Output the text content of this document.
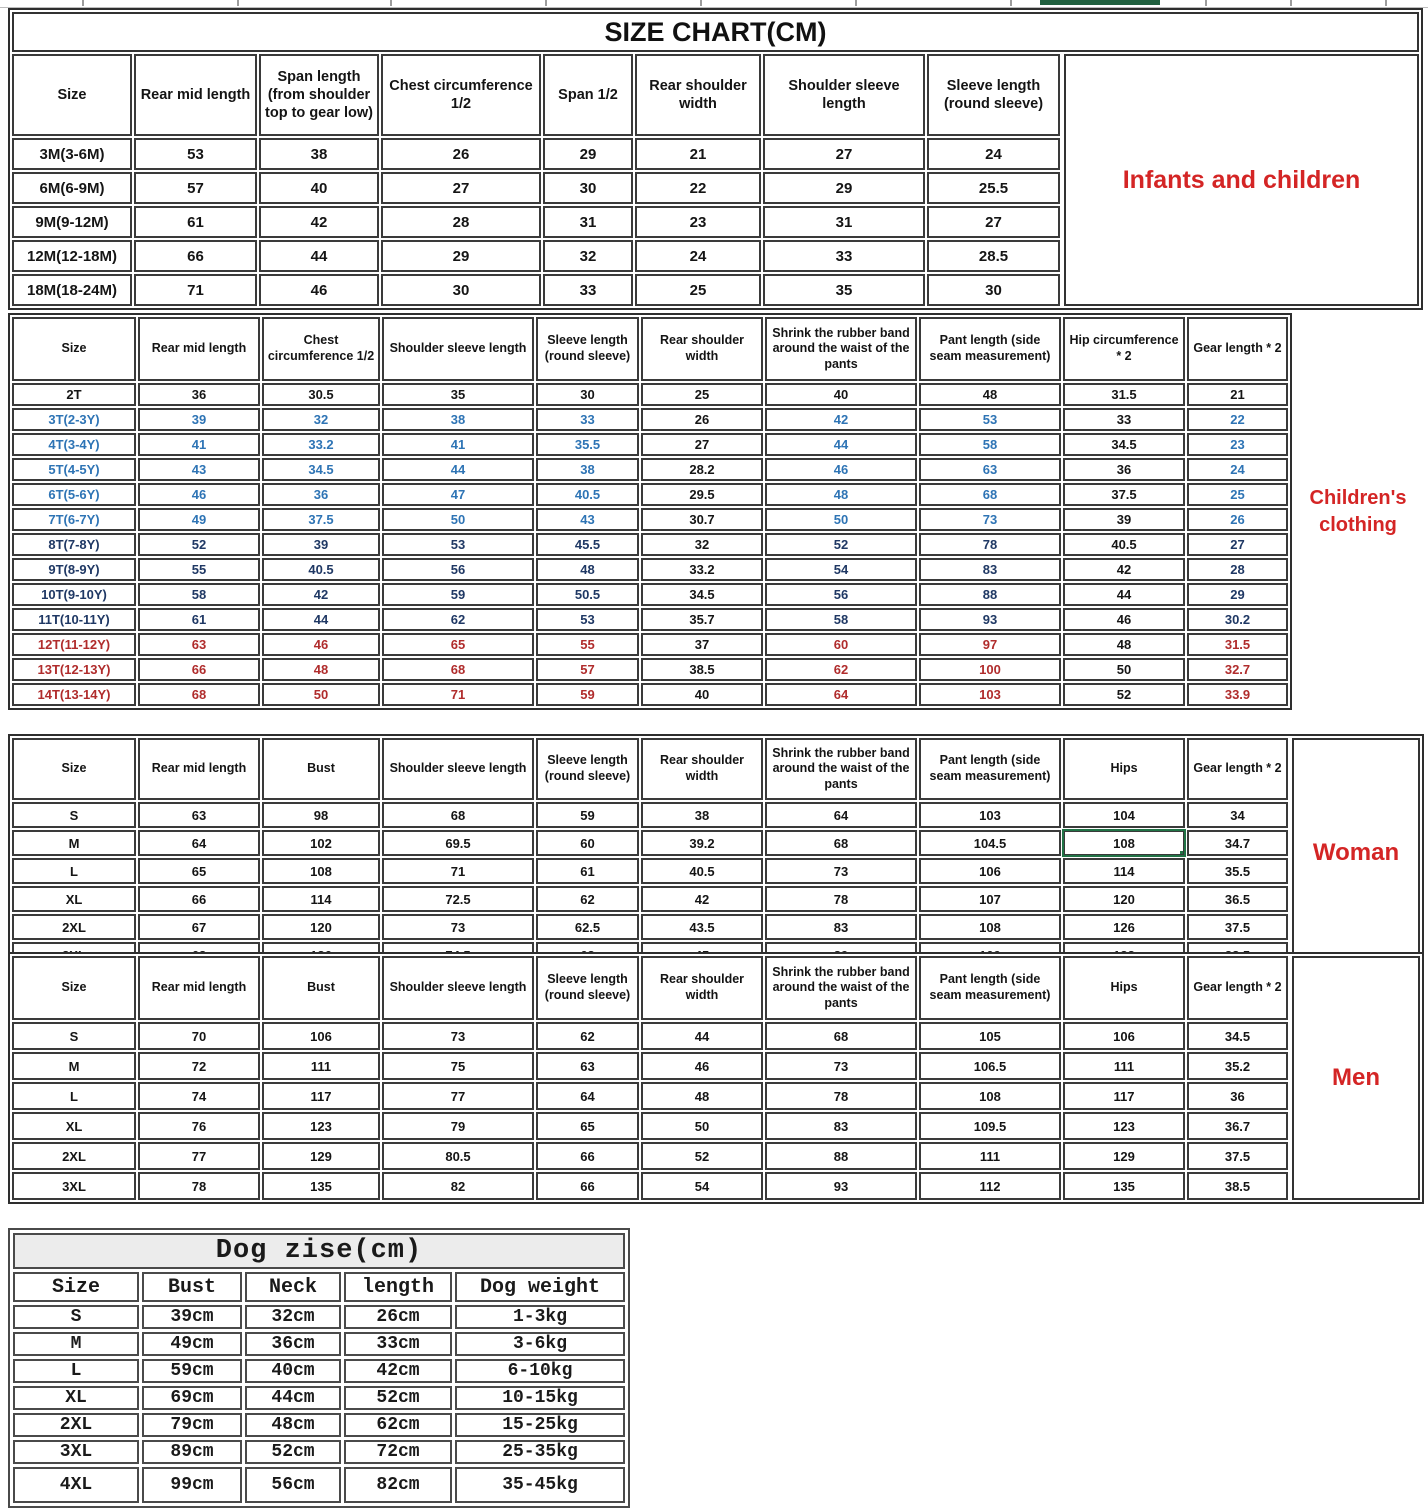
SIZE CHART(CM)
Size	Rear mid length	Span length (from shoulder top to gear low)	Chest circumference 1/2	Span 1/2	Rear shoulder width	Shoulder sleeve length	Sleeve length (round sleeve)
3M(3-6M)	53	38	26	29	21	27	24
6M(6-9M)	57	40	27	30	22	29	25.5
9M(9-12M)	61	42	28	31	23	31	27
12M(12-18M)	66	44	29	32	24	33	28.5
18M(18-24M)	71	46	30	33	25	35	30
Infants and children
Size	Rear mid length	Chest circumference 1/2	Shoulder sleeve length	Sleeve length (round sleeve)	Rear shoulder width	Shrink the rubber band around the waist of the pants	Pant length (side seam measurement)	Hip circumference * 2	Gear length * 2
2T	36	30.5	35	30	25	40	48	31.5	21
3T(2-3Y)	39	32	38	33	26	42	53	33	22
4T(3-4Y)	41	33.2	41	35.5	27	44	58	34.5	23
5T(4-5Y)	43	34.5	44	38	28.2	46	63	36	24
6T(5-6Y)	46	36	47	40.5	29.5	48	68	37.5	25
7T(6-7Y)	49	37.5	50	43	30.7	50	73	39	26
8T(7-8Y)	52	39	53	45.5	32	52	78	40.5	27
9T(8-9Y)	55	40.5	56	48	33.2	54	83	42	28
10T(9-10Y)	58	42	59	50.5	34.5	56	88	44	29
11T(10-11Y)	61	44	62	53	35.7	58	93	46	30.2
12T(11-12Y)	63	46	65	55	37	60	97	48	31.5
13T(12-13Y)	66	48	68	57	38.5	62	100	50	32.7
14T(13-14Y)	68	50	71	59	40	64	103	52	33.9
Children's clothing
Size	Rear mid length	Bust	Shoulder sleeve length	Sleeve length (round sleeve)	Rear shoulder width	Shrink the rubber band around the waist of the pants	Pant length (side seam measurement)	Hips	Gear length * 2
S	63	98	68	59	38	64	103	104	34
M	64	102	69.5	60	39.2	68	104.5	108	34.7
L	65	108	71	61	40.5	73	106	114	35.5
XL	66	114	72.5	62	42	78	107	120	36.5
2XL	67	120	73	62.5	43.5	83	108	126	37.5

Woman
Size	Rear mid length	Bust	Shoulder sleeve length	Sleeve length (round sleeve)	Rear shoulder width	Shrink the rubber band around the waist of the pants	Pant length (side seam measurement)	Hips	Gear length * 2
S	70	106	73	62	44	68	105	106	34.5
M	72	111	75	63	46	73	106.5	111	35.2
L	74	117	77	64	48	78	108	117	36
XL	76	123	79	65	50	83	109.5	123	36.7
2XL	77	129	80.5	66	52	88	111	129	37.5
3XL	78	135	82	66	54	93	112	135	38.5
Men
Dog zise(cm)				
Size	Bust	Neck	length	Dog weight
S	39cm	32cm	26cm	1-3kg
M	49cm	36cm	33cm	3-6kg
L	59cm	40cm	42cm	6-10kg
XL	69cm	44cm	52cm	10-15kg
2XL	79cm	48cm	62cm	15-25kg
3XL	89cm	52cm	72cm	25-35kg
4XL	99cm	56cm	82cm	35-45kg
